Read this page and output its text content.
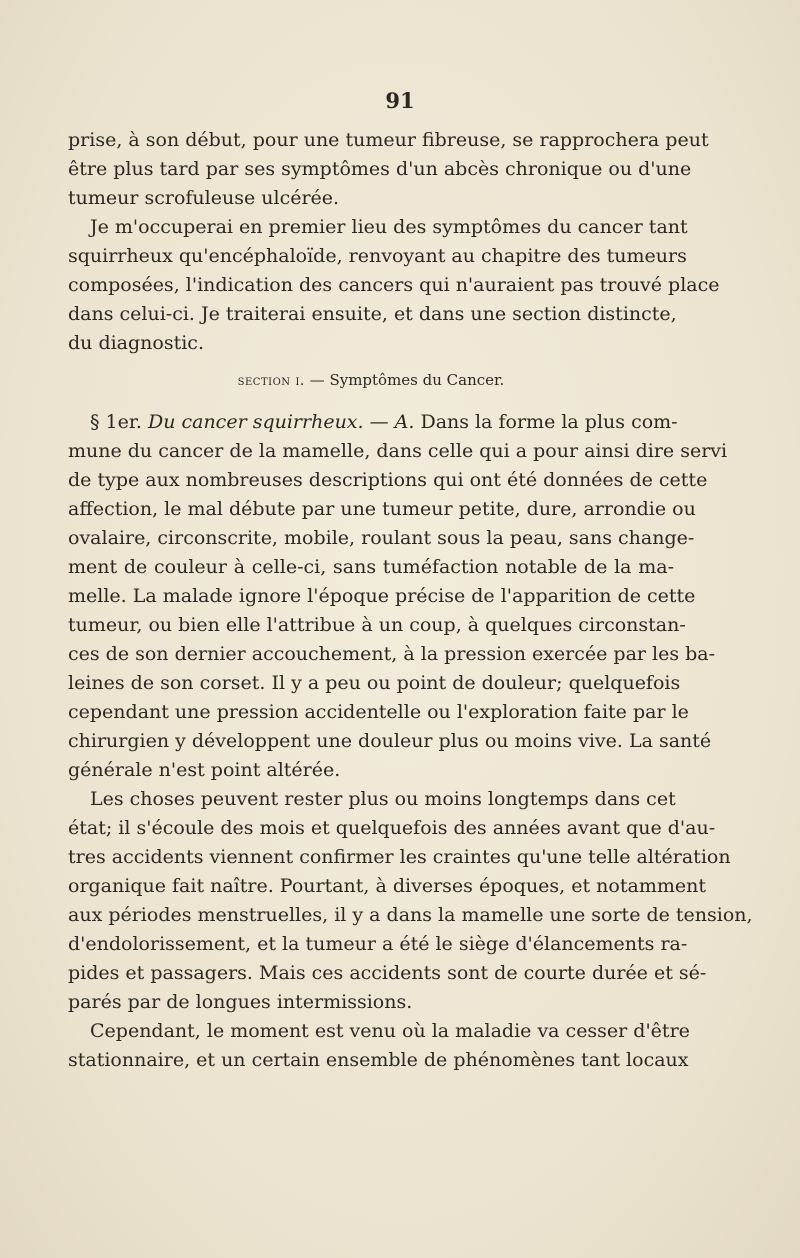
91
prise, à son début, pour une tumeur fibreuse, se rapprochera peut
être plus tard par ses symptômes d'un abcès chronique ou d'une
tumeur scrofuleuse ulcérée.
Je m'occuperai en premier lieu des symptômes du cancer tant
squirrheux qu'encéphaloïde, renvoyant au chapitre des tumeurs
composées, l'indication des cancers qui n'auraient pas trouvé place
dans celui-ci. Je traiterai ensuite, et dans une section distincte,
du diagnostic.
section i. — Symptômes du Cancer.
§ 1er. Du cancer squirrheux. — A. Dans la forme la plus com-
mune du cancer de la mamelle, dans celle qui a pour ainsi dire servi
de type aux nombreuses descriptions qui ont été données de cette
affection, le mal débute par une tumeur petite, dure, arrondie ou
ovalaire, circonscrite, mobile, roulant sous la peau, sans change-
ment de couleur à celle-ci, sans tuméfaction notable de la ma-
melle. La malade ignore l'époque précise de l'apparition de cette
tumeur, ou bien elle l'attribue à un coup, à quelques circonstan-
ces de son dernier accouchement, à la pression exercée par les ba-
leines de son corset. Il y a peu ou point de douleur; quelquefois
cependant une pression accidentelle ou l'exploration faite par le
chirurgien y développent une douleur plus ou moins vive. La santé
générale n'est point altérée.
Les choses peuvent rester plus ou moins longtemps dans cet
état; il s'écoule des mois et quelquefois des années avant que d'au-
tres accidents viennent confirmer les craintes qu'une telle altération
organique fait naître. Pourtant, à diverses époques, et notamment
aux périodes menstruelles, il y a dans la mamelle une sorte de tension,
d'endolorissement, et la tumeur a été le siège d'élancements ra-
pides et passagers. Mais ces accidents sont de courte durée et sé-
parés par de longues intermissions.
Cependant, le moment est venu où la maladie va cesser d'être
stationnaire, et un certain ensemble de phénomènes tant locaux
